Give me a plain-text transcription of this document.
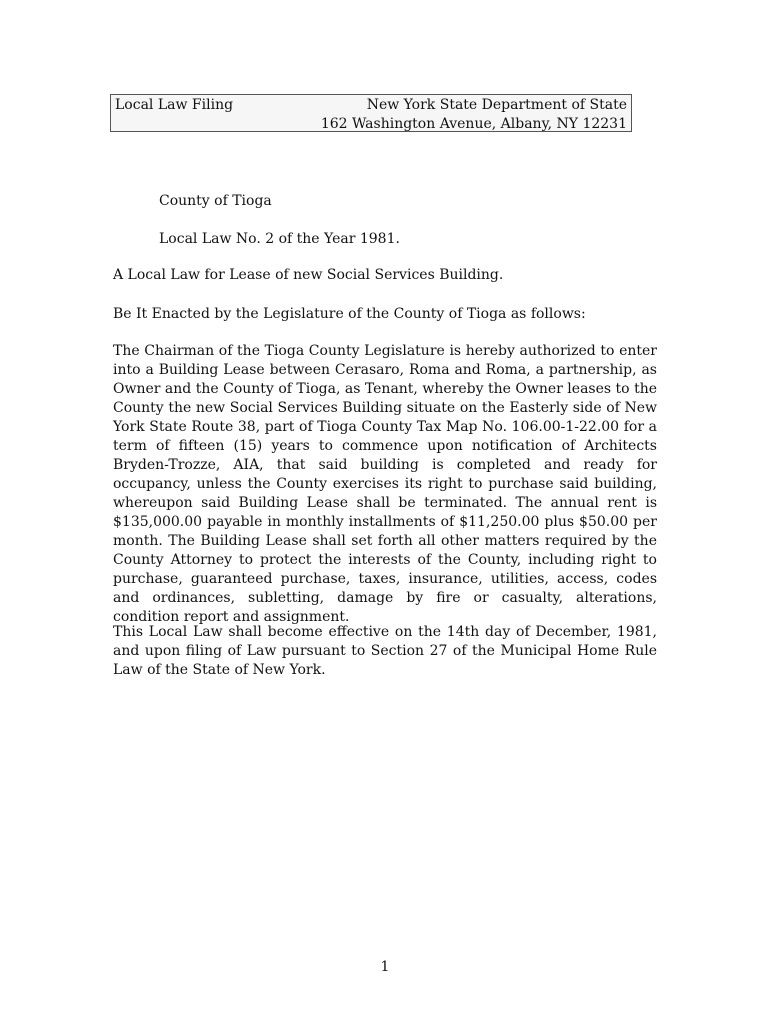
Local Law Filing	New York State Department of State
162 Washington Avenue, Albany, NY 12231
County of Tioga
Local Law No. 2 of the Year 1981.
A Local Law for Lease of new Social Services Building.
Be It Enacted by the Legislature of the County of Tioga as follows:
The Chairman of the Tioga County Legislature is hereby authorized to enter into a Building Lease between Cerasaro, Roma and Roma, a partnership, as Owner and the County of Tioga, as Tenant, whereby the Owner leases to the County the new Social Services Building situate on the Easterly side of New York State Route 38, part of Tioga County Tax Map No. 106.00-1-22.00 for a term of fifteen (15) years to commence upon notification of Architects Bryden-Trozze, AIA, that said building is completed and ready for occupancy, unless the County exercises its right to purchase said building, whereupon said Building Lease shall be terminated. The annual rent is $135,000.00 payable in monthly installments of $11,250.00 plus $50.00 per month. The Building Lease shall set forth all other matters required by the County Attorney to protect the interests of the County, including right to purchase, guaranteed purchase, taxes, insurance, utilities, access, codes and ordinances, subletting, damage by fire or casualty, alterations, condition report and assignment.
This Local Law shall become effective on the 14th day of December, 1981, and upon filing of Law pursuant to Section 27 of the Municipal Home Rule Law of the State of New York.
1
